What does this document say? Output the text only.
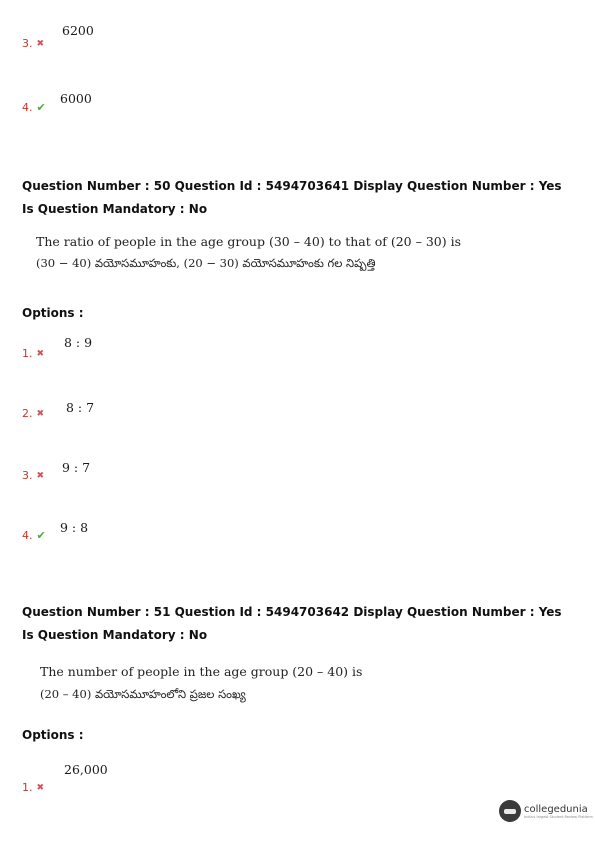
6200
3. ✖
6000
4. ✔
Question Number : 50 Question Id : 5494703641 Display Question Number : Yes Is Question Mandatory : No
The ratio of people in the age group (30 – 40) to that of (20 – 30) is
(30 − 40) వయోసమూహంకు, (20 − 30) వయోసమూహంకు గల నిష్పత్తి
Options :
8 : 9
1. ✖
8 : 7
2. ✖
9 : 7
3. ✖
9 : 8
4. ✔
Question Number : 51 Question Id : 5494703642 Display Question Number : Yes Is Question Mandatory : No
The number of people in the age group (20 – 40) is
(20 – 40) వయోసమూహంలోని ప్రజల సంఖ్య
Options :
26,000
1. ✖
collegedunia
India's largest Student Review Platform
